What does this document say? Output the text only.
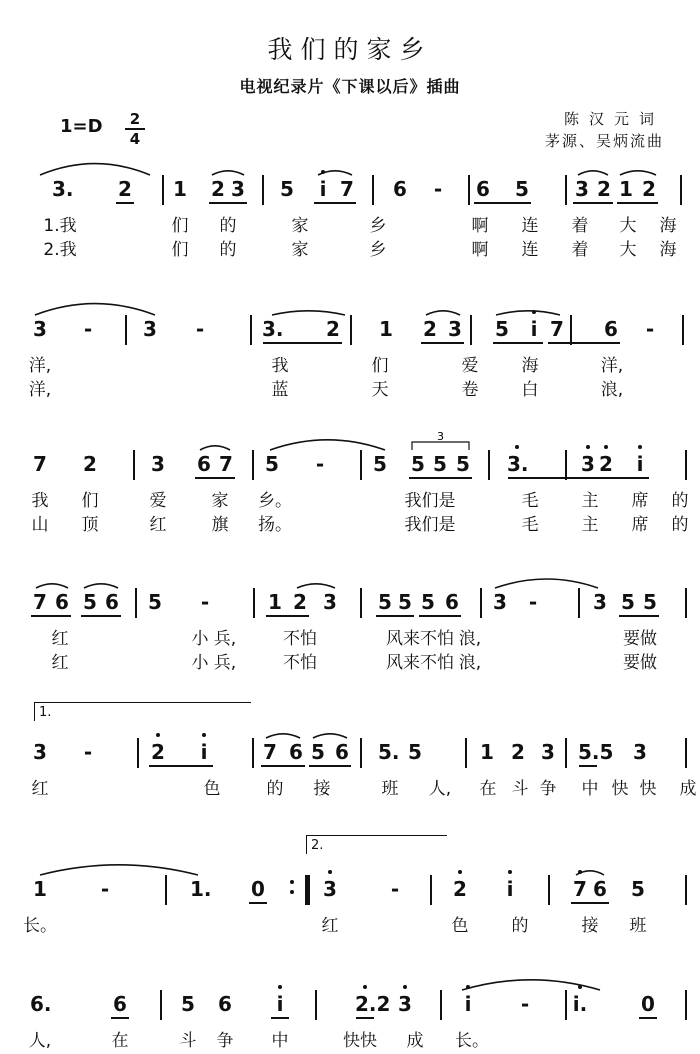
我们的家乡
电视纪录片《下课以后》插曲
$1=D \frac{2}{4}$	陈汉元词
茅源、吴炳流曲
3. 2 1 2 3 5	i 7 6 - 6 5 3 2 1 2
1.我	们	的	家	乡	啊	连	着	大	海
2.我	们	的	家	乡	啊	连	着	大	海
3 -	3 -	3. 2 1 2 3 5	i 7 6 -
洋,	我	们	爱	海	洋,
洋,	蓝	天	卷	白	浪,
7 2	3 6 7 5 - 5 5 5 5 3.	3 2	i
3
我	们	爱	家	乡。	我们是	毛	主	席	的
山	顶	红	旗	扬。	我们是	毛	主	席	的
7 6 5 6 5 -	1 2 3 5 5 5 6 3 -	3 5 5
红	小 兵,	不怕	风来不怕 浪,	要做
红	小 兵,	不怕	风来不怕 浪,	要做
3 -	2	i	7 6 5 6 5. 5	1 2 3 5.5 3
红	色	的	接	班	人,	在 斗 争	中 快 快	成
1	-	1. 0	3	-	2	i	7 6 5
长。	红	色	的	接	班
6.	6	5 6	i	2.2 3	i	- i.	0
人,	在	斗	争	中	快快	成	长。
1.
2.
